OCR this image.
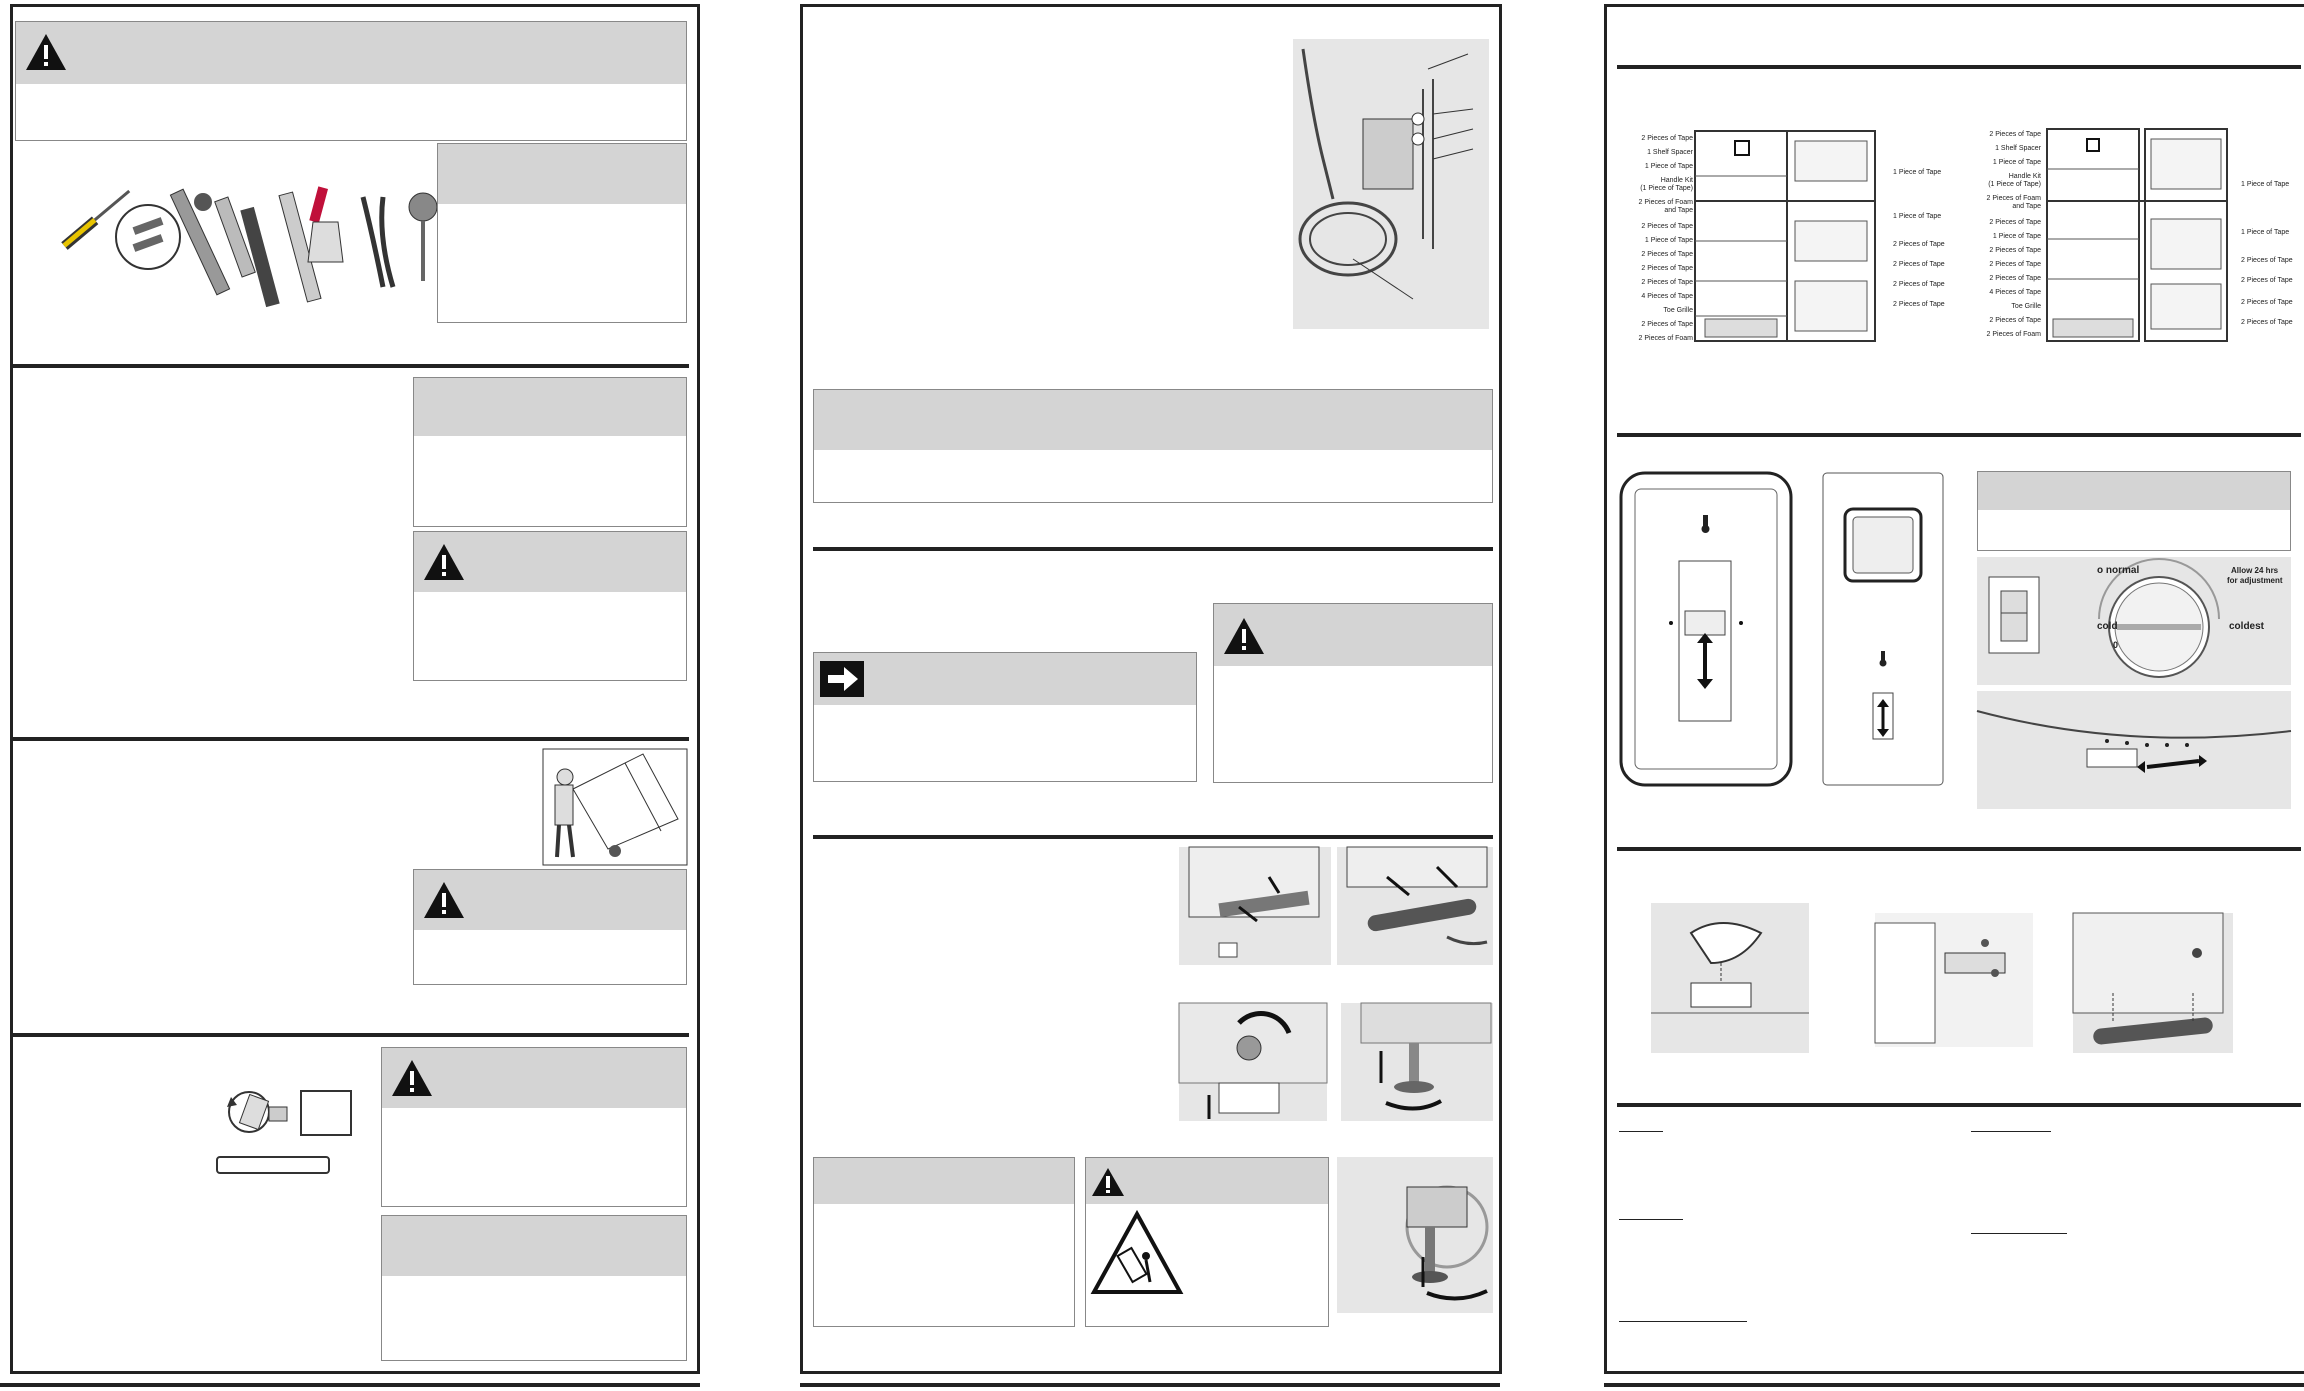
2 Pieces of Tape
1 Shelf Spacer
1 Piece of Tape
Handle Kit
(1 Piece of Tape)
2 Pieces of Foam
and Tape
2 Pieces of Tape
1 Piece of Tape
2 Pieces of Tape
2 Pieces of Tape
2 Pieces of Tape
4 Pieces of Tape
Toe Grille
2 Pieces of Tape
2 Pieces of Foam
1 Piece of Tape
1 Piece of Tape
2 Pieces of Tape
2 Pieces of Tape
2 Pieces of Tape
2 Pieces of Tape
2 Pieces of Tape
1 Shelf Spacer
1 Piece of Tape
Handle Kit
(1 Piece of Tape)
2 Pieces of Foam
and Tape
2 Pieces of Tape
1 Piece of Tape
2 Pieces of Tape
2 Pieces of Tape
2 Pieces of Tape
4 Pieces of Tape
Toe Grille
2 Pieces of Tape
2 Pieces of Foam
1 Piece of Tape
1 Piece of Tape
2 Pieces of Tape
2 Pieces of Tape
2 Pieces of Tape
2 Pieces of Tape
o normal	Allow 24 hrs
for adjustment
cold	coldest
0
